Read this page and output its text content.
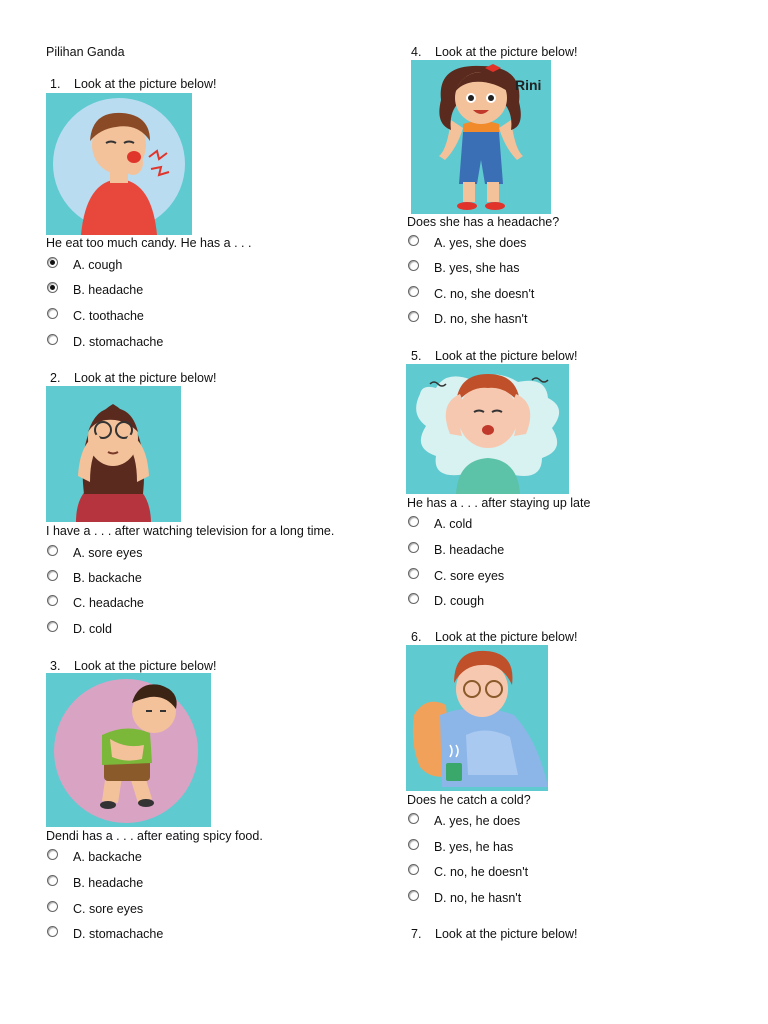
Pilihan Ganda
1. Look at the picture below!
He eat too much candy. He has a . . .
A. cough
B. headache
C. toothache
D. stomachache
2. Look at the picture below!
I have a . . . after watching television for a long time.
A. sore eyes
B. backache
C. headache
D. cold
3. Look at the picture below!
Dendi has a . . . after eating spicy food.
A. backache
B. headache
C. sore eyes
D. stomachache
4. Look at the picture below!
Rini
Does she has a headache?
A. yes, she does
B. yes, she has
C. no, she doesn't
D. no, she hasn't
5. Look at the picture below!
He has a . . . after staying up late
A. cold
B. headache
C. sore eyes
D. cough
6. Look at the picture below!
Does he catch a cold?
A. yes, he does
B. yes, he has
C. no, he doesn't
D. no, he hasn't
7. Look at the picture below!
